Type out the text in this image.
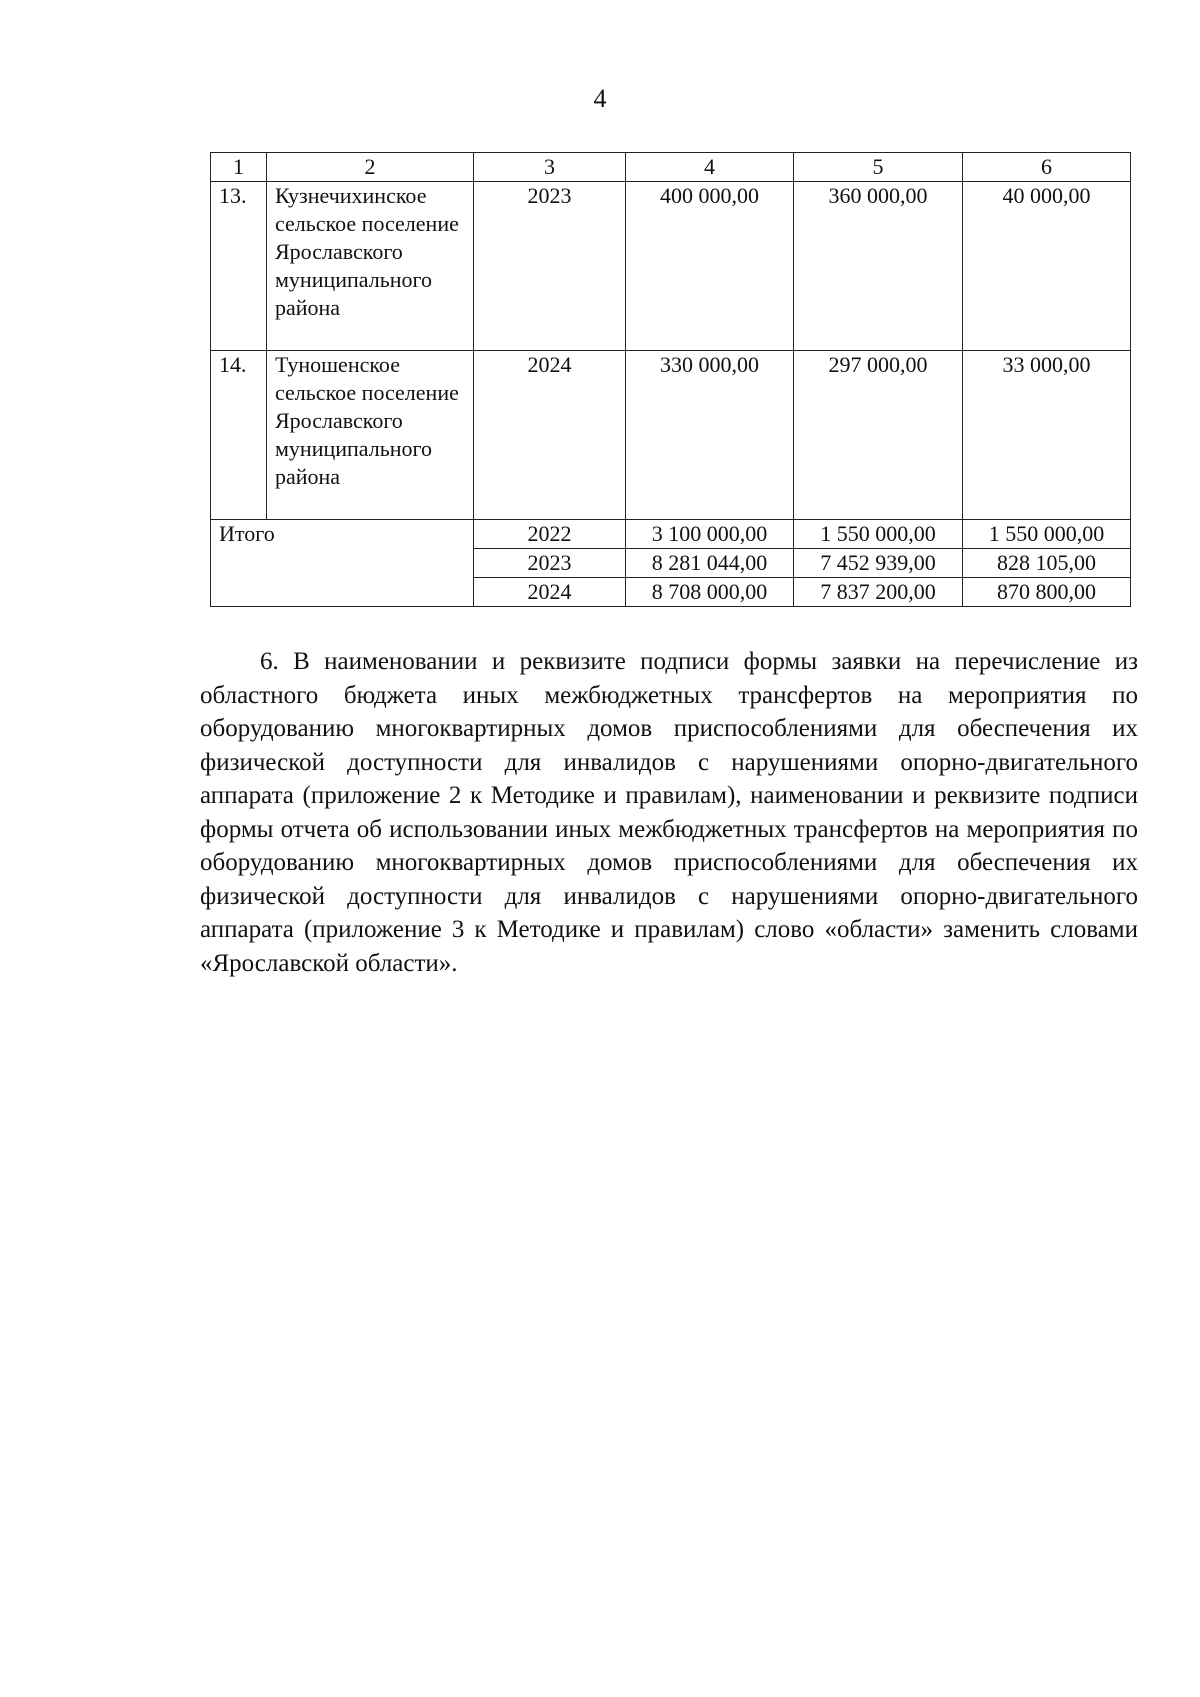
4
1	2	3	4	5	6
13.	Кузнечихинское сельское поселение Ярославского муниципального района	2023	400 000,00	360 000,00	40 000,00
14.	Туношенское сельское поселение Ярославского муниципального района	2024	330 000,00	297 000,00	33 000,00
Итого		2022	3 100 000,00	1 550 000,00	1 550 000,00
		2023	8 281 044,00	7 452 939,00	828 105,00
		2024	8 708 000,00	7 837 200,00	870 800,00

6. В наименовании и реквизите подписи формы заявки на перечисление из областного бюджета иных межбюджетных трансфертов на мероприятия по оборудованию многоквартирных домов приспособлениями для обеспечения их физической доступности для инвалидов с нарушениями опорно-двигательного аппарата (приложение 2 к Методике и правилам), наименовании и реквизите подписи формы отчета об использовании иных межбюджетных трансфертов на мероприятия по оборудованию многоквартирных домов приспособлениями для обеспечения их физической доступности для инвалидов с нарушениями опорно-двигательного аппарата (приложение 3 к Методике и правилам) слово «области» заменить словами «Ярославской области».
